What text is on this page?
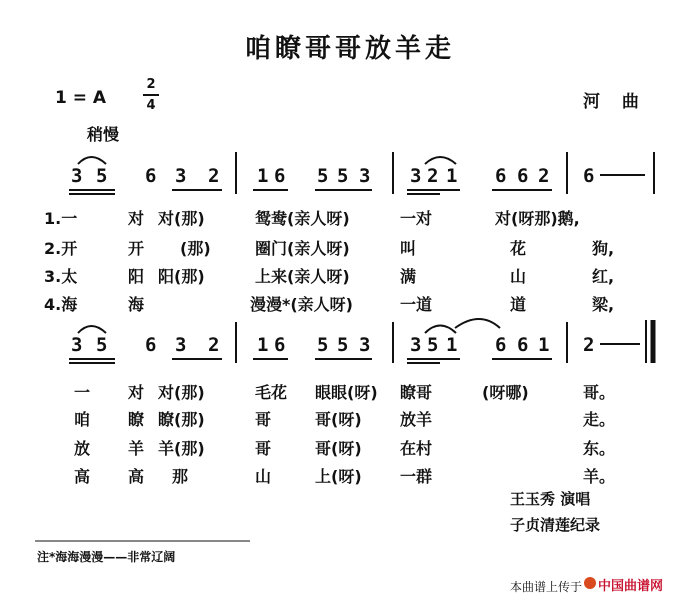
咱瞭哥哥放羊走
1 = A
2
4	河 曲
稍慢
3 5 6 3 2 1 6 5 5 3 3 2 1 6 6 2 6
1.一	对 对(那)	鸳鸯(亲人呀)	一对	对(呀那)鹅,
2.开	开 (那)	圈门(亲人呀)	叫	花	狗,
3.太	阳 阳(那)	上来(亲人呀)	满	山	红,
4.海	海	漫漫*(亲人呀)	一道	道	梁,
3 5 6 3 2 1 6 5 5 3 3 5 1 6 6 1 2
一 对 对(那)	毛花 眼眼(呀) 瞭哥	(呀哪)	哥。
咱 瞭 瞭(那)	哥	哥(呀) 放羊	走。
放 羊 羊(那)	哥	哥(呀) 在村	东。
高 高 那	山	上(呀) 一群	羊。
王玉秀 演唱
子贞清莲纪录
注*海海漫漫——非常辽阔
本曲谱上传于 中国曲谱网
